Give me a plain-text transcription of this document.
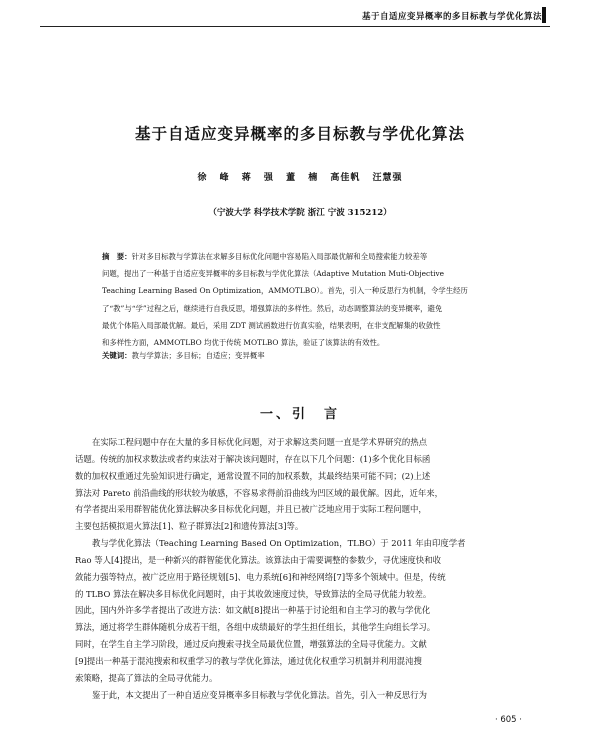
基于自适应变异概率的多目标教与学优化算法
基于自适应变异概率的多目标教与学优化算法
徐 峰 蒋 强 董 楠 高佳帆 汪慧强
（宁波大学 科学技术学院 浙江 宁波 315212）
摘　要：针对多目标教与学算法在求解多目标优化问题中容易陷入局部最优解和全局搜索能力较差等
问题，提出了一种基于自适应变异概率的多目标教与学优化算法（Adaptive Mutation Muti-Objective
Teaching Learning Based On Optimization，AMMOTLBO）。首先，引入一种反思行为机制，令学生经历
了“教”与“学”过程之后，继续进行自我反思，增强算法的多样性。然后，动态调整算法的变异概率，避免
最优个体陷入局部最优解。最后，采用 ZDT 测试函数进行仿真实验，结果表明，在非支配解集的收敛性
和多样性方面，AMMOTLBO 均优于传统 MOTLBO 算法，验证了该算法的有效性。
关键词：教与学算法；多目标；自适应；变异概率
一、引　言
在实际工程问题中存在大量的多目标优化问题，对于求解这类问题一直是学术界研究的热点
话题。传统的加权求数法或者约束法对于解决该问题时，存在以下几个问题：(1)多个优化目标函
数的加权权重通过先验知识进行确定，通常设置不同的加权系数，其最终结果可能不同；(2)上述
算法对 Pareto 前沿曲线的形状较为敏感，不容易求得前沿曲线为凹区域的最优解。因此，近年来，
有学者提出采用群智能优化算法解决多目标优化问题，并且已被广泛地应用于实际工程问题中，
主要包括模拟退火算法[1]、粒子群算法[2]和遗传算法[3]等。
教与学优化算法（Teaching Learning Based On Optimization，TLBO）于 2011 年由印度学者
Rao 等人[4]提出，是一种新兴的群智能优化算法。该算法由于需要调整的参数少，寻优速度快和收
敛能力强等特点，被广泛应用于路径规划[5]、电力系统[6]和神经网络[7]等多个领域中。但是，传统
的 TLBO 算法在解决多目标优化问题时，由于其收敛速度过快，导致算法的全局寻优能力较差。
因此，国内外许多学者提出了改进方法：如文献[8]提出一种基于讨论组和自主学习的教与学优化
算法，通过将学生群体随机分成若干组，各组中成绩最好的学生担任组长，其他学生向组长学习。
同时，在学生自主学习阶段，通过反向搜索寻找全局最优位置，增强算法的全局寻优能力。文献
[9]提出一种基于混沌搜索和权重学习的教与学优化算法，通过优化权重学习机制并利用混沌搜
索策略，提高了算法的全局寻优能力。
鉴于此，本文提出了一种自适应变异概率多目标教与学优化算法。首先，引入一种反思行为
· 605 ·
